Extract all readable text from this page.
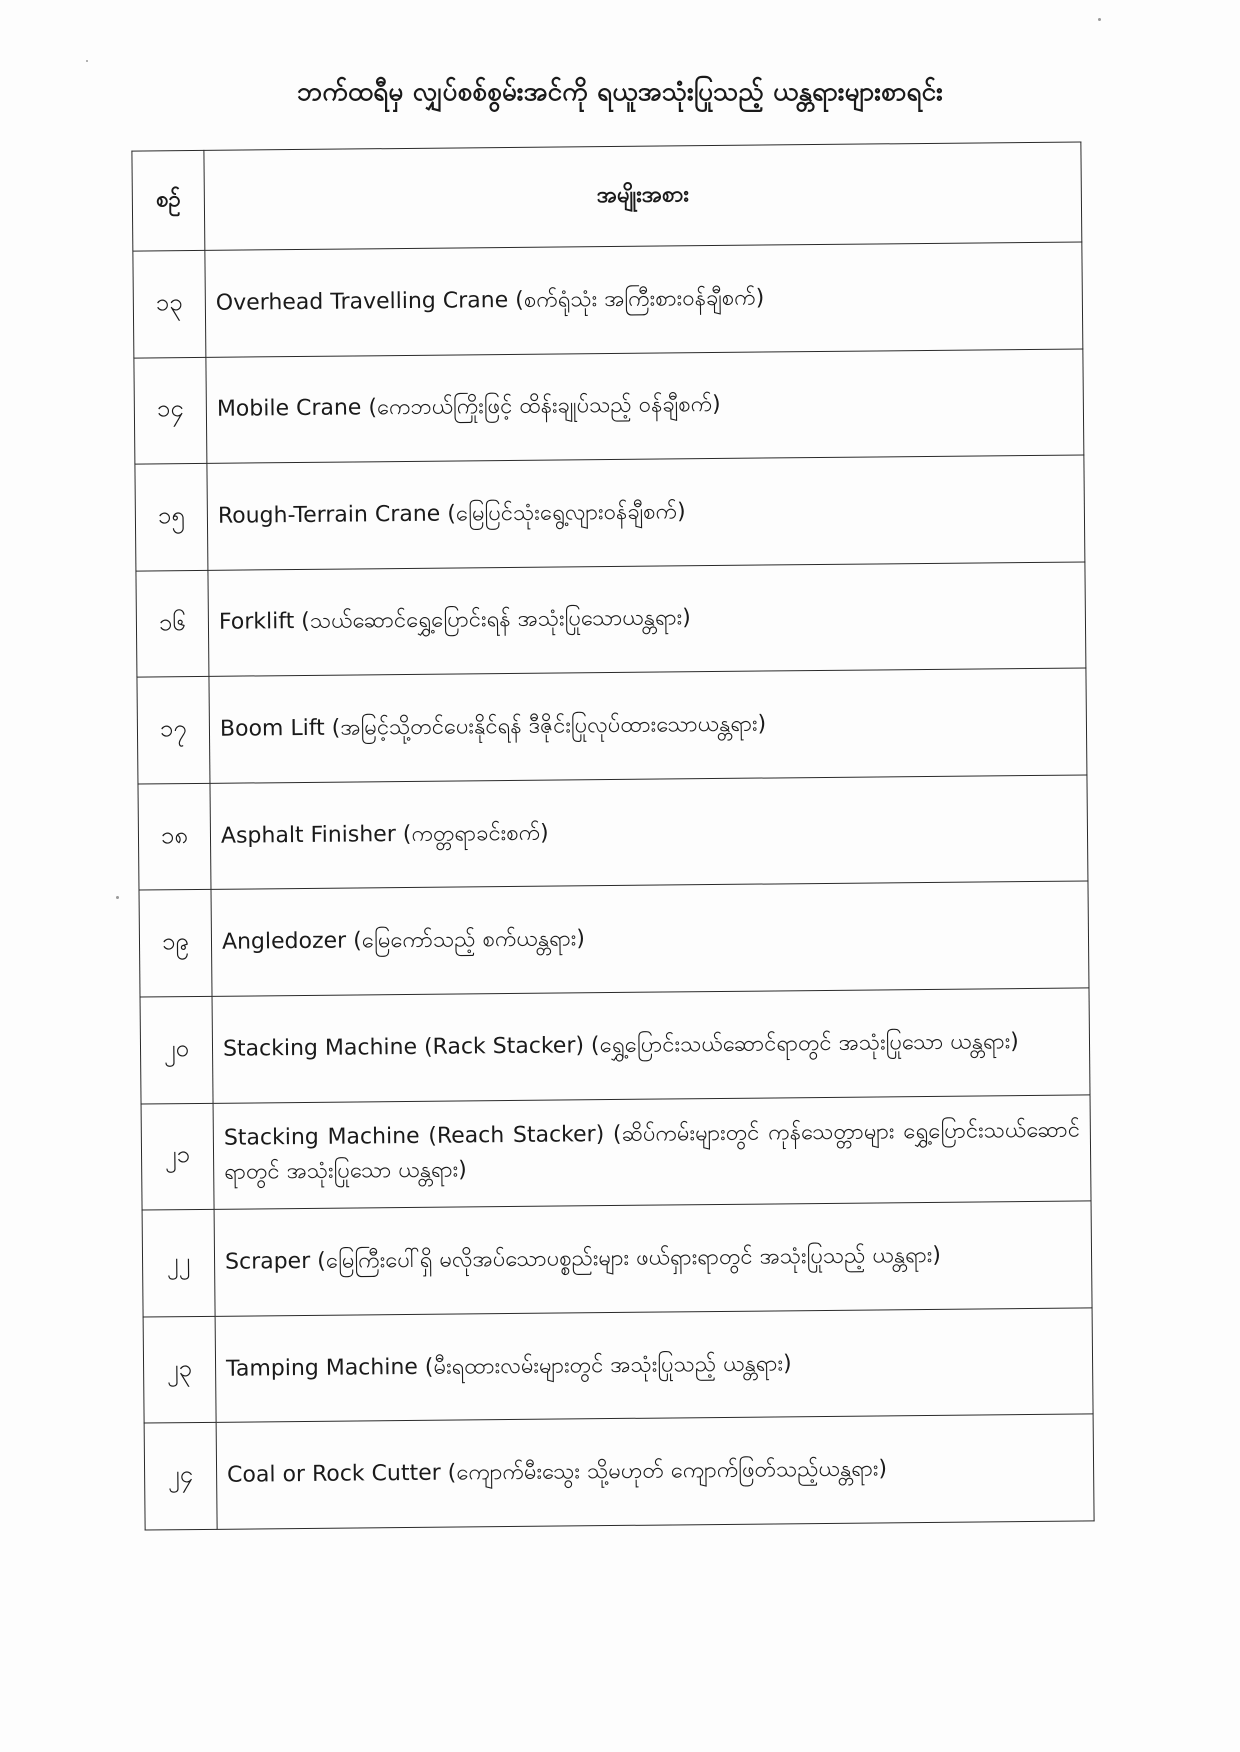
ဘက်ထရီမှ လျှပ်စစ်စွမ်းအင်ကို ရယူအသုံးပြုသည့် ယန္တရားများစာရင်း
စဉ်	အမျိုးအစား
၁၃	Overhead Travelling Crane (စက်ရုံသုံး အကြီးစားဝန်ချီစက်)
၁၄	Mobile Crane (ကေဘယ်ကြိုးဖြင့် ထိန်းချုပ်သည့် ဝန်ချီစက်)
၁၅	Rough-Terrain Crane (မြေပြင်သုံးရွေ့လျားဝန်ချီစက်)
၁၆	Forklift (သယ်ဆောင်ရွှေ့ပြောင်းရန် အသုံးပြုသောယန္တရား)
၁၇	Boom Lift (အမြင့်သို့တင်ပေးနိုင်ရန် ဒီဇိုင်းပြုလုပ်ထားသောယန္တရား)
၁၈	Asphalt Finisher (ကတ္တရာခင်းစက်)
၁၉	Angledozer (မြေကော်သည့် စက်ယန္တရား)
၂၀	Stacking Machine (Rack Stacker) (ရွှေ့ပြောင်းသယ်ဆောင်ရာတွင် အသုံးပြုသော ယန္တရား)
၂၁	Stacking Machine (Reach Stacker) (ဆိပ်ကမ်းများတွင် ကုန်သေတ္တာများ ရွှေ့ပြောင်းသယ်ဆောင်ရာတွင် အသုံးပြုသော ယန္တရား)
၂၂	Scraper (မြေကြီးပေါ်ရှိ မလိုအပ်သောပစ္စည်းများ ဖယ်ရှားရာတွင် အသုံးပြုသည့် ယန္တရား)
၂၃	Tamping Machine (မီးရထားလမ်းများတွင် အသုံးပြုသည့် ယန္တရား)
၂၄	Coal or Rock Cutter (ကျောက်မီးသွေး သို့မဟုတ် ကျောက်ဖြတ်သည့်ယန္တရား)
